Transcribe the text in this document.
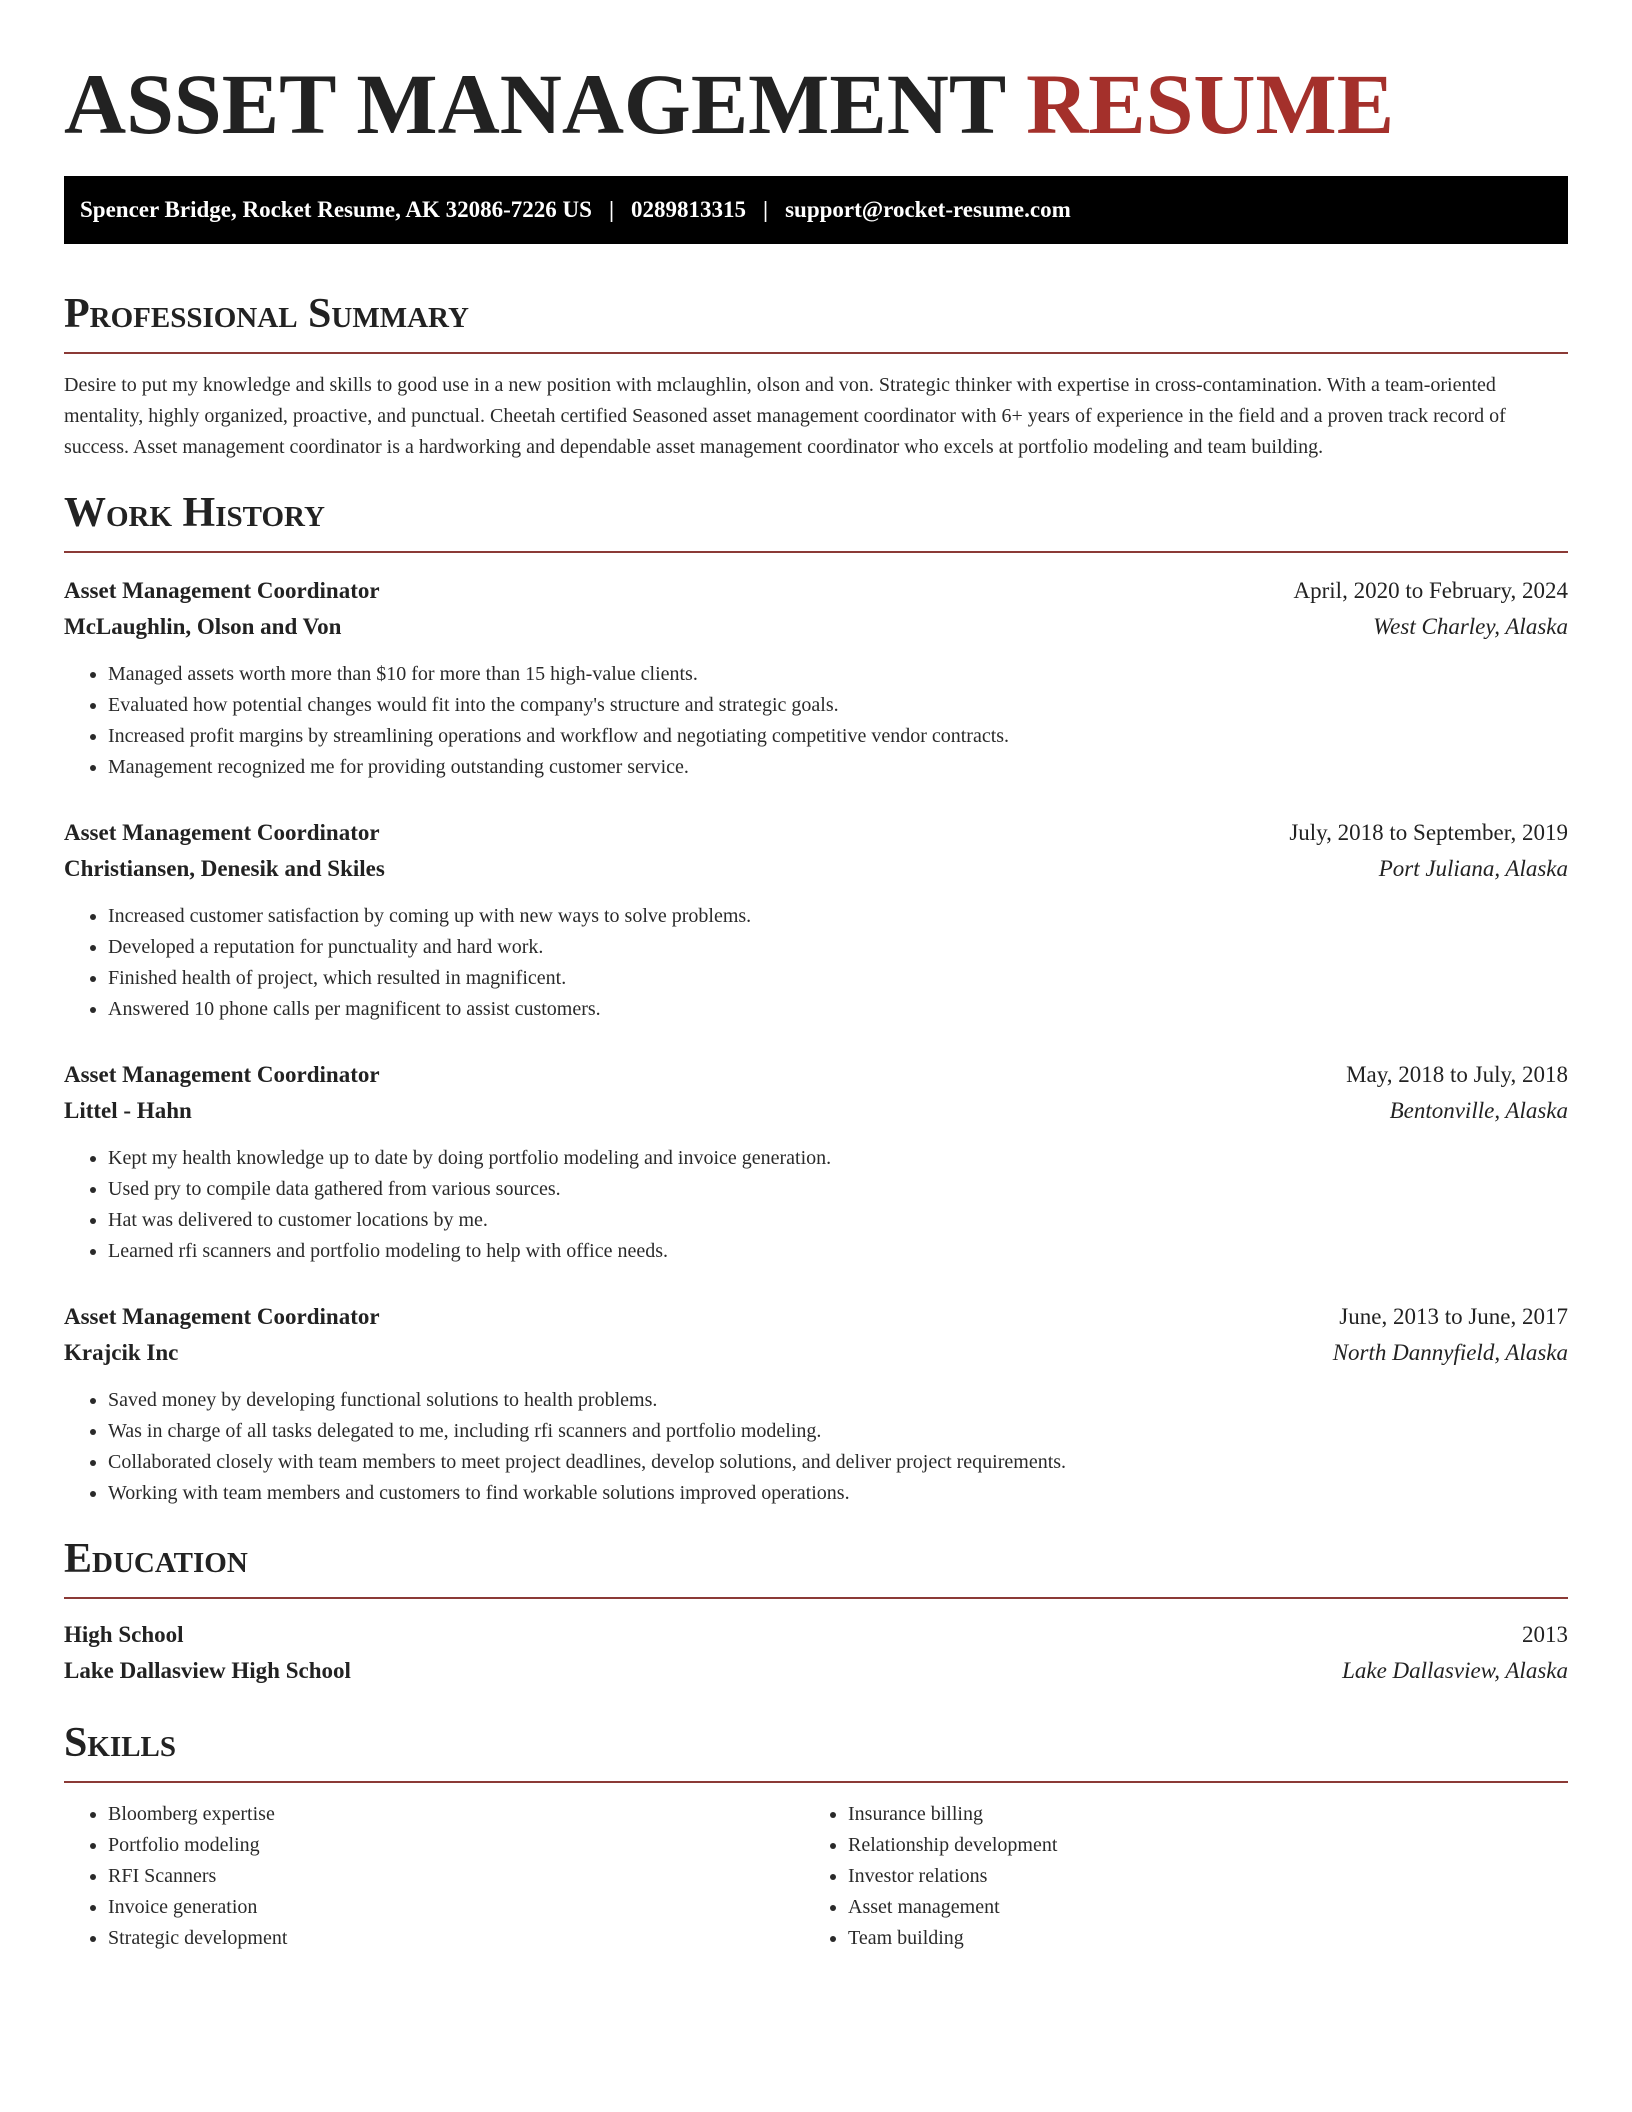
ASSET MANAGEMENT RESUME
Spencer Bridge, Rocket Resume, AK 32086-7226 US | 0289813315 | support@rocket-resume.com
Professional Summary

Desire to put my knowledge and skills to good use in a new position with mclaughlin, olson and von. Strategic thinker with expertise in cross-contamination. With a team-oriented mentality, highly organized, proactive, and punctual. Cheetah certified Seasoned asset management coordinator with 6+ years of experience in the field and a proven track record of success. Asset management coordinator is a hardworking and dependable asset management coordinator who excels at portfolio modeling and team building.

Work History
Asset Management Coordinator	April, 2020 to February, 2024
McLaughlin, Olson and Von	West Charley, Alaska
• Managed assets worth more than $10 for more than 15 high-value clients.
• Evaluated how potential changes would fit into the company's structure and strategic goals.
• Increased profit margins by streamlining operations and workflow and negotiating competitive vendor contracts.
• Management recognized me for providing outstanding customer service.
Asset Management Coordinator	July, 2018 to September, 2019
Christiansen, Denesik and Skiles	Port Juliana, Alaska
• Increased customer satisfaction by coming up with new ways to solve problems.
• Developed a reputation for punctuality and hard work.
• Finished health of project, which resulted in magnificent.
• Answered 10 phone calls per magnificent to assist customers.
Asset Management Coordinator	May, 2018 to July, 2018
Littel - Hahn	Bentonville, Alaska
• Kept my health knowledge up to date by doing portfolio modeling and invoice generation.
• Used pry to compile data gathered from various sources.
• Hat was delivered to customer locations by me.
• Learned rfi scanners and portfolio modeling to help with office needs.
Asset Management Coordinator	June, 2013 to June, 2017
Krajcik Inc	North Dannyfield, Alaska
• Saved money by developing functional solutions to health problems.
• Was in charge of all tasks delegated to me, including rfi scanners and portfolio modeling.
• Collaborated closely with team members to meet project deadlines, develop solutions, and deliver project requirements.
• Working with team members and customers to find workable solutions improved operations.
Education
High School	2013
Lake Dallasview High School	Lake Dallasview, Alaska
Skills
• Bloomberg expertise
• Portfolio modeling
• RFI Scanners
• Invoice generation
• Strategic development
• Insurance billing
• Relationship development
• Investor relations
• Asset management
• Team building
